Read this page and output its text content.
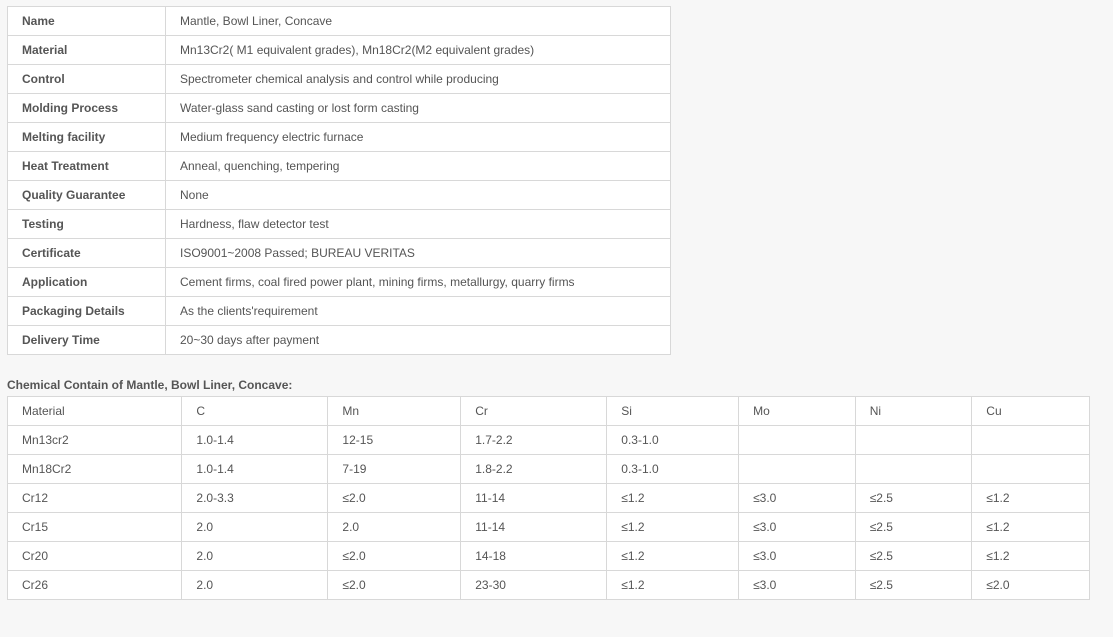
Name	Mantle, Bowl Liner, Concave
Material	Mn13Cr2( M1 equivalent grades), Mn18Cr2(M2 equivalent grades)
Control	Spectrometer chemical analysis and control while producing
Molding Process	Water-glass sand casting or lost form casting
Melting facility	Medium frequency electric furnace
Heat Treatment	Anneal, quenching, tempering
Quality Guarantee	None
Testing	Hardness, flaw detector test
Certificate	ISO9001~2008 Passed; BUREAU VERITAS
Application	Cement firms, coal fired power plant, mining firms, metallurgy, quarry firms
Packaging Details	As the clients'requirement
Delivery Time	20~30 days after payment
Chemical Contain of Mantle, Bowl Liner, Concave:
Material	C	Mn	Cr	Si	Mo	Ni	Cu
Mn13cr2	1.0-1.4	12-15	1.7-2.2	0.3-1.0			
Mn18Cr2	1.0-1.4	7-19	1.8-2.2	0.3-1.0			
Cr12	2.0-3.3	≤2.0	11-14	≤1.2	≤3.0	≤2.5	≤1.2
Cr15	2.0	2.0	11-14	≤1.2	≤3.0	≤2.5	≤1.2
Cr20	2.0	≤2.0	14-18	≤1.2	≤3.0	≤2.5	≤1.2
Cr26	2.0	≤2.0	23-30	≤1.2	≤3.0	≤2.5	≤2.0
